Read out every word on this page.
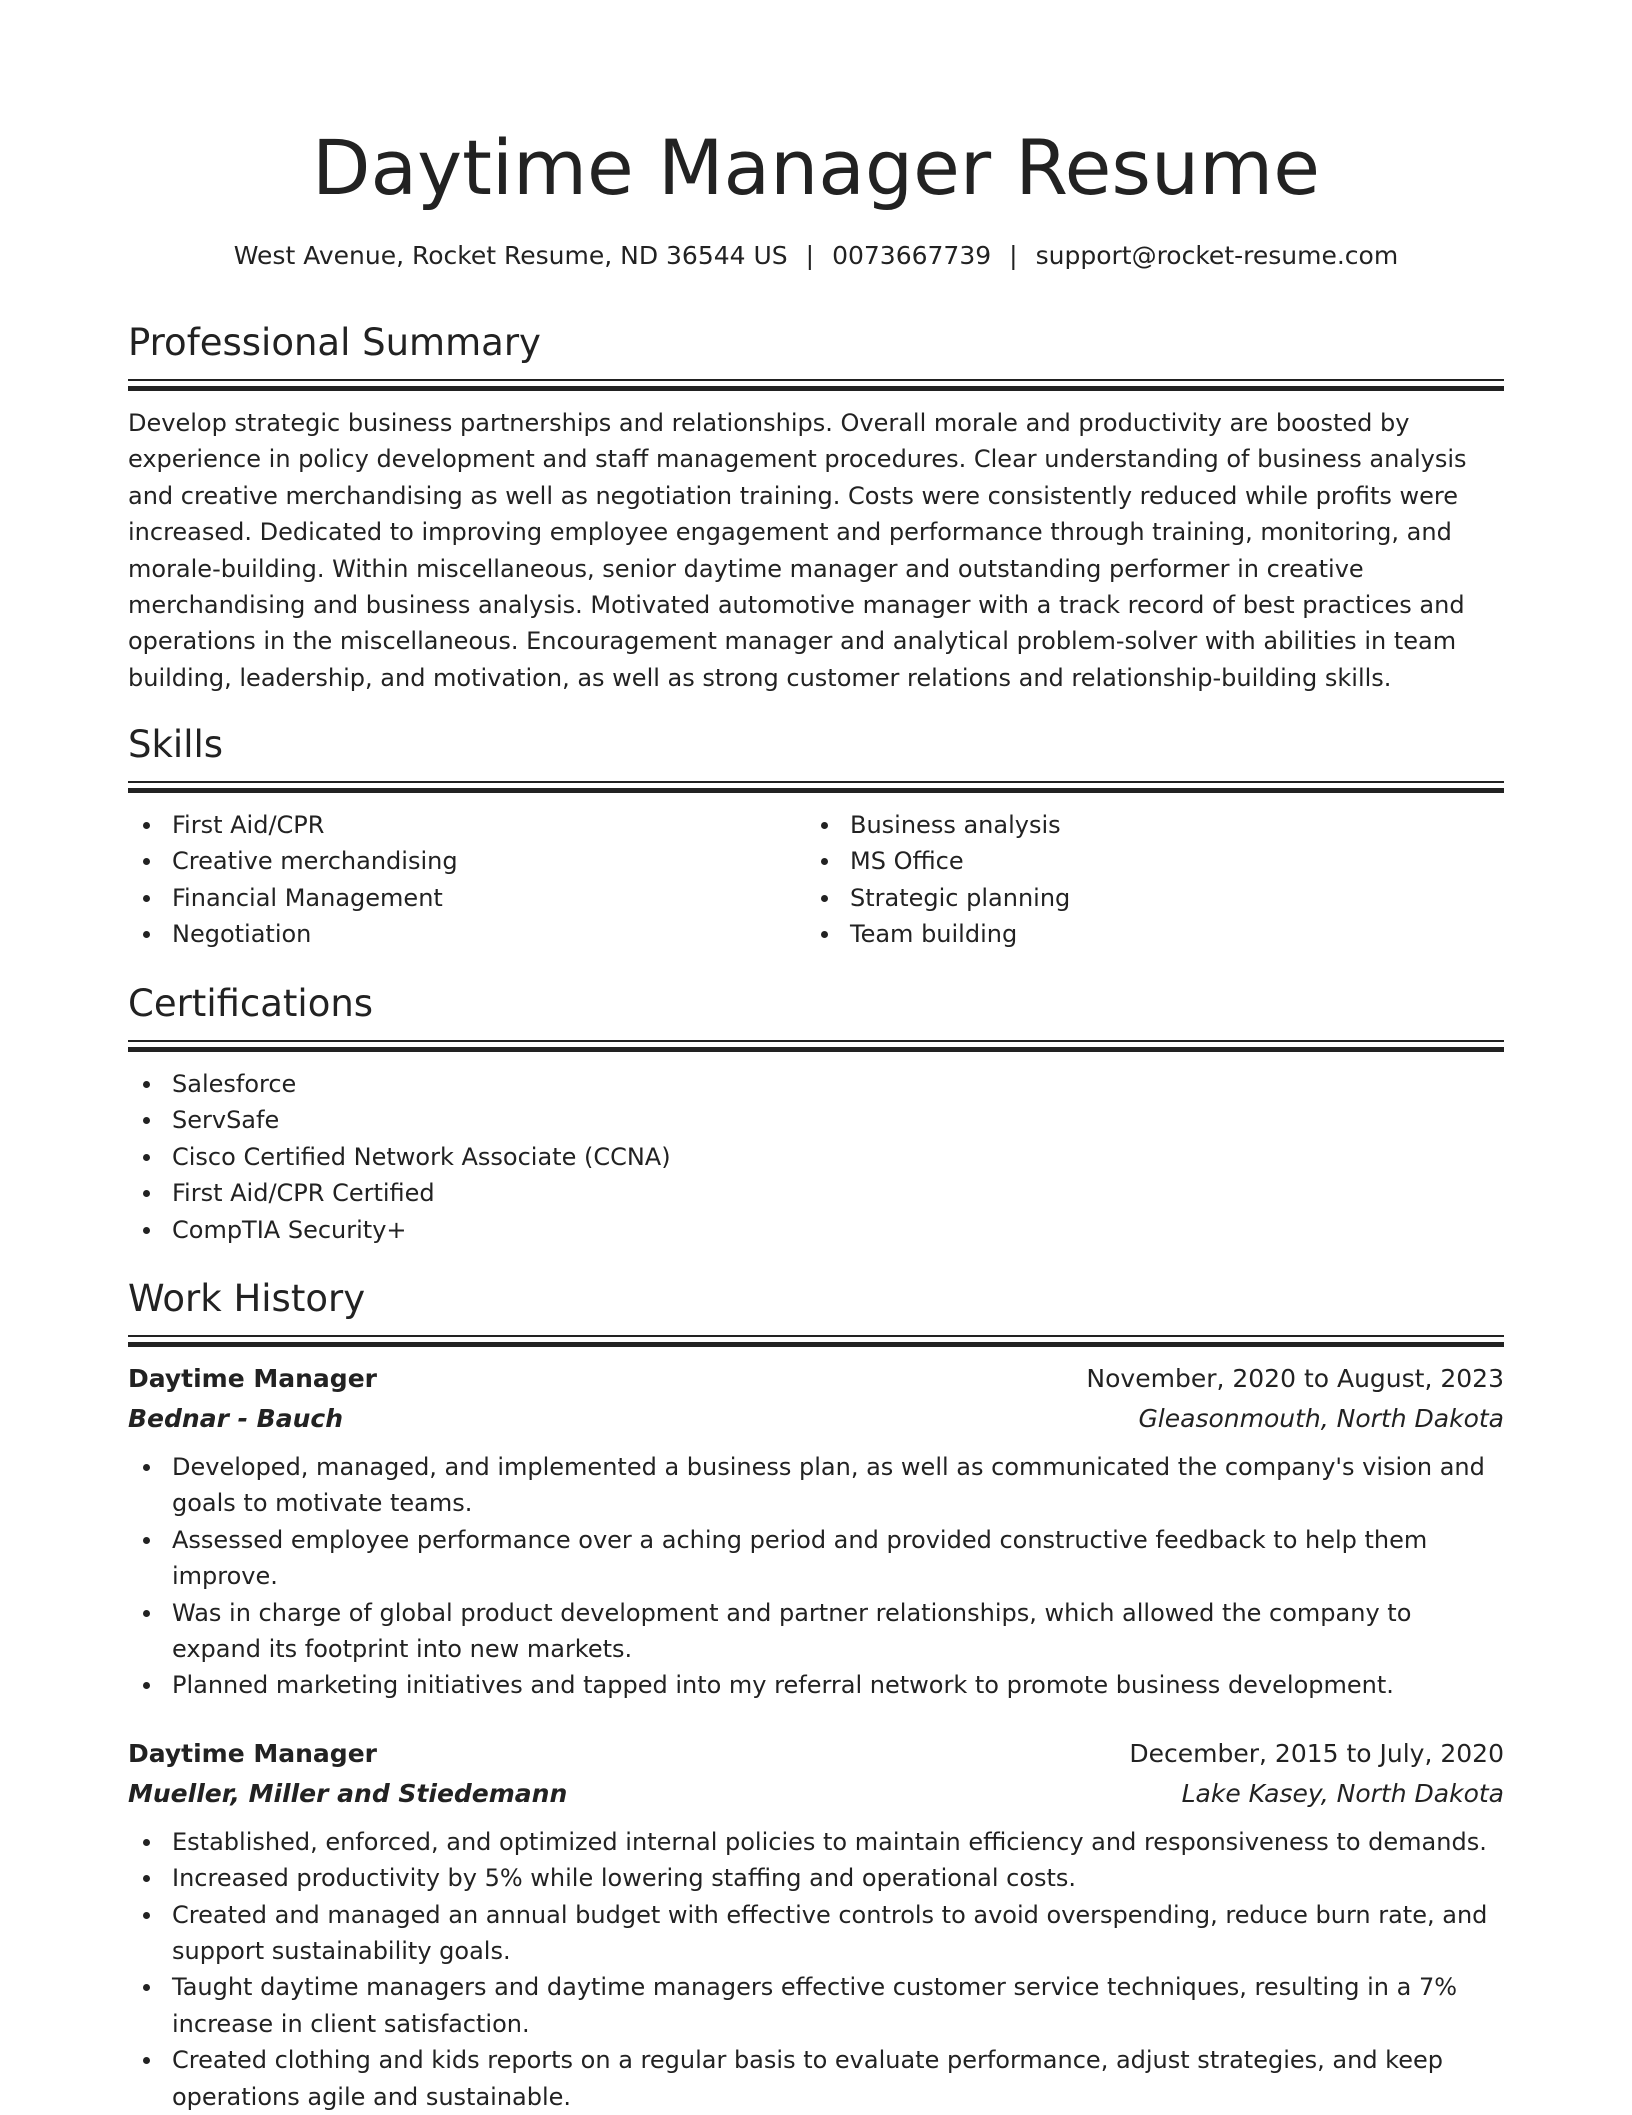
Daytime Manager Resume
West Avenue, Rocket Resume, ND 36544 US | 0073667739 | support@rocket-resume.com
Professional Summary

Develop strategic business partnerships and relationships. Overall morale and productivity are boosted by experience in policy development and staff management procedures. Clear understanding of business analysis and creative merchandising as well as negotiation training. Costs were consistently reduced while profits were increased. Dedicated to improving employee engagement and performance through training, monitoring, and morale-building. Within miscellaneous, senior daytime manager and outstanding performer in creative merchandising and business analysis. Motivated automotive manager with a track record of best practices and operations in the miscellaneous. Encouragement manager and analytical problem-solver with abilities in team building, leadership, and motivation, as well as strong customer relations and relationship-building skills.

Skills
First Aid/CPR
Creative merchandising
Financial Management
Negotiation
Business analysis
MS Office
Strategic planning
Team building
Certifications
Salesforce
ServSafe
Cisco Certified Network Associate (CCNA)
First Aid/CPR Certified
CompTIA Security+
Work History
Daytime Manager	November, 2020 to August, 2023
Bednar - Bauch	Gleasonmouth, North Dakota
Developed, managed, and implemented a business plan, as well as communicated the company's vision and goals to motivate teams.
Assessed employee performance over a aching period and provided constructive feedback to help them improve.
Was in charge of global product development and partner relationships, which allowed the company to expand its footprint into new markets.
Planned marketing initiatives and tapped into my referral network to promote business development.
Daytime Manager	December, 2015 to July, 2020
Mueller, Miller and Stiedemann	Lake Kasey, North Dakota
Established, enforced, and optimized internal policies to maintain efficiency and responsiveness to demands.
Increased productivity by 5% while lowering staffing and operational costs.
Created and managed an annual budget with effective controls to avoid overspending, reduce burn rate, and support sustainability goals.
Taught daytime managers and daytime managers effective customer service techniques, resulting in a 7% increase in client satisfaction.
Created clothing and kids reports on a regular basis to evaluate performance, adjust strategies, and keep operations agile and sustainable.
